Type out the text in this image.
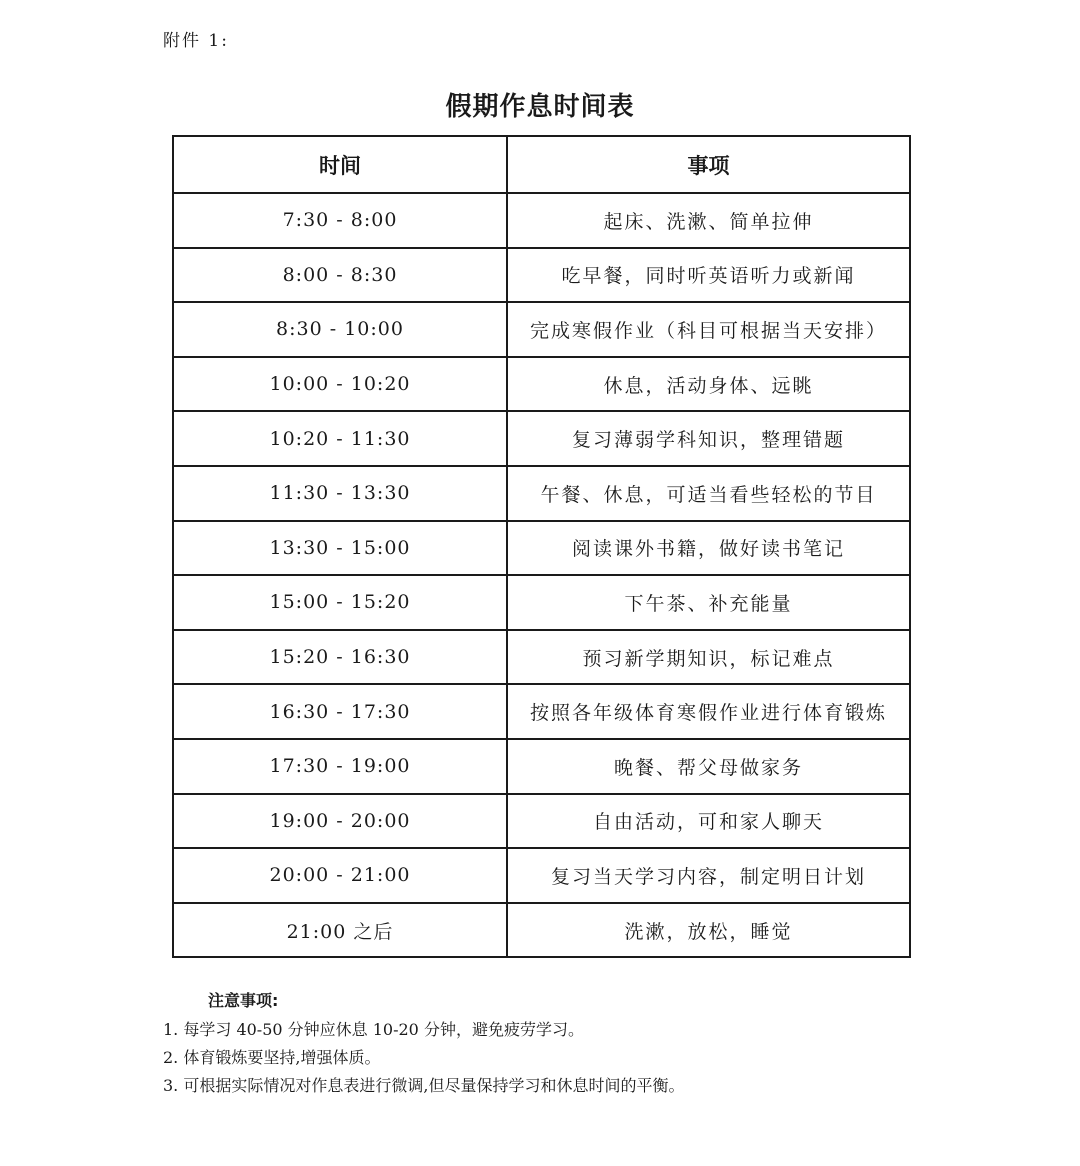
附件 1:
假期作息时间表
时间	事项
7:30 - 8:00	起床、洗漱、简单拉伸
8:00 - 8:30	吃早餐，同时听英语听力或新闻
8:30 - 10:00	完成寒假作业（科目可根据当天安排）
10:00 - 10:20	休息，活动身体、远眺
10:20 - 11:30	复习薄弱学科知识，整理错题
11:30 - 13:30	午餐、休息，可适当看些轻松的节目
13:30 - 15:00	阅读课外书籍，做好读书笔记
15:00 - 15:20	下午茶、补充能量
15:20 - 16:30	预习新学期知识，标记难点
16:30 - 17:30	按照各年级体育寒假作业进行体育锻炼
17:30 - 19:00	晚餐、帮父母做家务
19:00 - 20:00	自由活动，可和家人聊天
20:00 - 21:00	复习当天学习内容，制定明日计划
21:00 之后	洗漱，放松，睡觉
注意事项:
1. 每学习 40-50 分钟应休息 10-20 分钟，避免疲劳学习。
2. 体育锻炼要坚持,增强体质。
3. 可根据实际情况对作息表进行微调,但尽量保持学习和休息时间的平衡。
